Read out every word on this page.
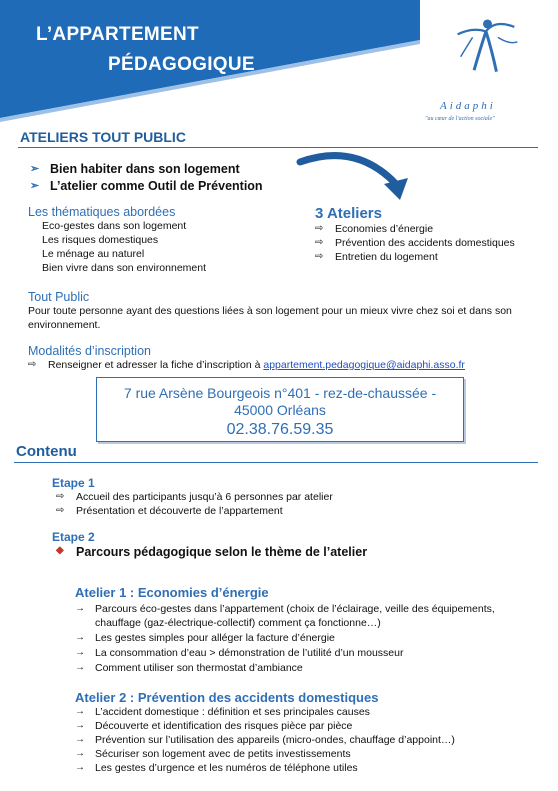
L’APPARTEMENT
PÉDAGOGIQUE
Aidaphi
"au cœur de l'action sociale"
ATELIERS TOUT PUBLIC
➢ Bien habiter dans son logement
➢ L’atelier comme Outil de Prévention
Les thématiques abordées
Eco-gestes dans son logement
Les risques domestiques
Le ménage au naturel
Bien vivre dans son environnement
3 Ateliers
⇨	Economies d’énergie
⇨	Prévention des accidents domestiques
⇨	Entretien du logement
Tout Public
Pour toute personne ayant des questions liées à son logement pour un mieux vivre chez soi et dans son environnement.
Modalités d’inscription
⇨	Renseigner et adresser la fiche d’inscription à
appartement.pedagogique@aidaphi.asso.fr
7 rue Arsène Bourgeois n°401 - rez-de-chaussée -
45000 Orléans
02.38.76.59.35
Contenu
Etape 1
⇨	Accueil des participants jusqu’à 6 personnes par atelier
⇨	Présentation et découverte de l’appartement
Etape 2
◆ Parcours pédagogique selon le thème de l’atelier
Atelier 1 : Economies d’énergie
→ Parcours éco-gestes dans l’appartement (choix de l’éclairage, veille des équipements, chauffage (gaz-électrique-collectif) comment ça fonctionne…)
→ Les gestes simples pour alléger la facture d’énergie
→ La consommation d’eau > démonstration de l’utilité d’un mousseur
→ Comment utiliser son thermostat d’ambiance
Atelier 2 : Prévention des accidents domestiques
→ L’accident domestique : définition et ses principales causes
→ Découverte et identification des risques pièce par pièce
→ Prévention sur l’utilisation des appareils (micro-ondes, chauffage d’appoint…)
→ Sécuriser son logement avec de petits investissements
→ Les gestes d’urgence et les numéros de téléphone utiles
